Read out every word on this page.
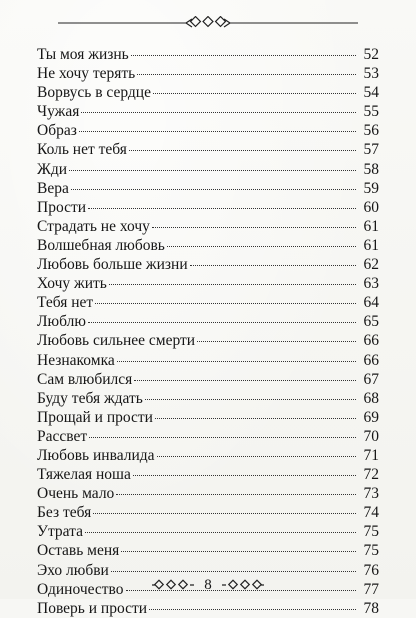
Ты моя жизнь	52
Не хочу терять	53
Ворвусь в сердце	54
Чужая	55
Образ	56
Коль нет тебя	57
Жди	58
Вера	59
Прости	60
Страдать не хочу	61
Волшебная любовь	61
Любовь больше жизни	62
Хочу жить	63
Тебя нет	64
Люблю	65
Любовь сильнее смерти	66
Незнакомка	66
Сам влюбился	67
Буду тебя ждать	68
Прощай и прости	69
Рассвет	70
Любовь инвалида	71
Тяжелая ноша	72
Очень мало	73
Без тебя	74
Утрата	75
Оставь меня	75
Эхо любви	76
Одиночество	77
Поверь и прости	78
8
